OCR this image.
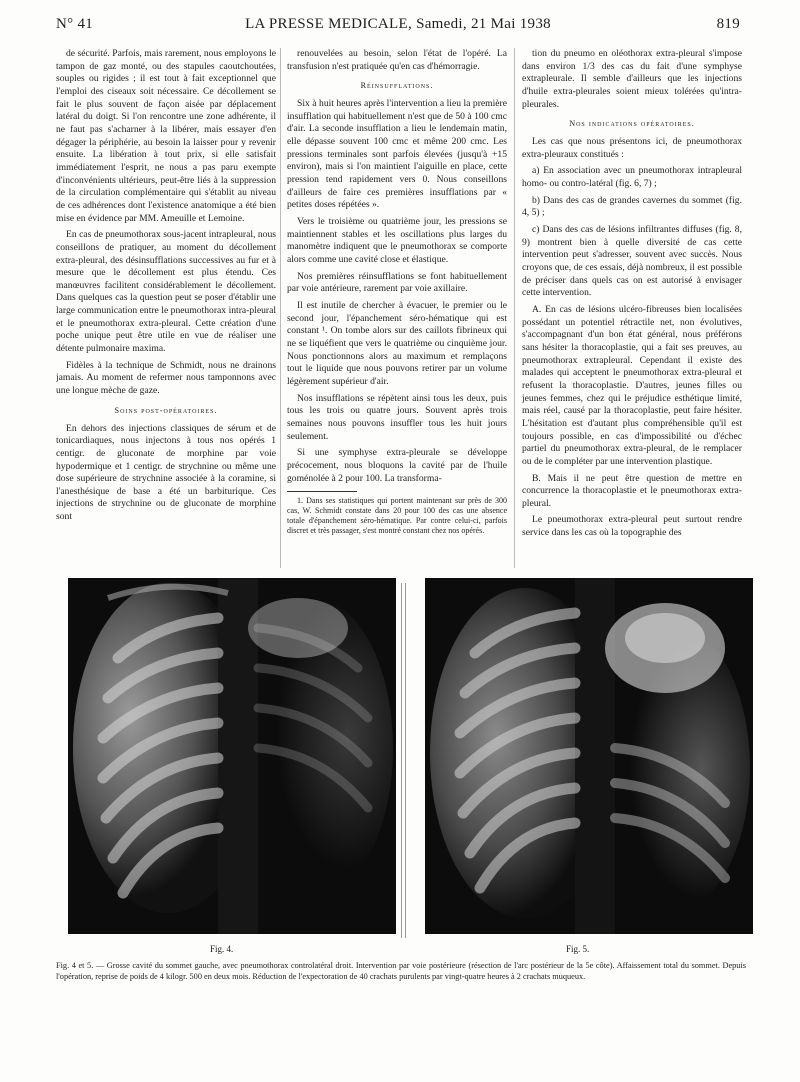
N° 41	LA PRESSE MEDICALE, Samedi, 21 Mai 1938	819

de sécurité. Parfois, mais rarement, nous employons le tampon de gaz monté, ou des stapules caoutchoutées, souples ou rigides ; il est tout à fait exceptionnel que l'emploi des ciseaux soit nécessaire. Ce décollement se fait le plus souvent de façon aisée par déplacement latéral du doigt. Si l'on rencontre une zone adhérente, il ne faut pas s'acharner à la libérer, mais essayer d'en dégager la périphérie, au besoin la laisser pour y revenir ensuite. La libération à tout prix, si elle satisfait immédiatement l'esprit, ne nous a pas paru exempte d'inconvénients ultérieurs, peut-être liés à la suppression de la circulation complémentaire qui s'établit au niveau de ces adhérences dont l'existence anatomique a été bien mise en évidence par MM. Ameuille et Lemoine.

En cas de pneumothorax sous-jacent intrapleural, nous conseillons de pratiquer, au moment du décollement extra-pleural, des désinsufflations successives au fur et à mesure que le décollement est plus étendu. Ces manœuvres facilitent considérablement le décollement. Dans quelques cas la question peut se poser d'établir une large communication entre le pneumothorax intra-pleural et le pneumothorax extra-pleural. Cette création d'une poche unique peut être utile en vue de réaliser une détente pulmonaire maxima.

Fidèles à la technique de Schmidt, nous ne drainons jamais. Au moment de refermer nous tamponnons avec une longue mèche de gaze.

Soins post-opératoires.

En dehors des injections classiques de sérum et de tonicardiaques, nous injectons à tous nos opérés 1 centigr. de gluconate de morphine par voie hypodermique et 1 centigr. de strychnine ou même une dose supérieure de strychnine associée à la coramine, si l'anesthésique de base a été un barbiturique. Ces injections de strychnine ou de gluconate de morphine sont

renouvelées au besoin, selon l'état de l'opéré. La transfusion n'est pratiquée qu'en cas d'hémorragie.

Réinsufflations.

Six à huit heures après l'intervention a lieu la première insufflation qui habituellement n'est que de 50 à 100 cmc d'air. La seconde insufflation a lieu le lendemain matin, elle dépasse souvent 100 cmc et même 200 cmc. Les pressions terminales sont parfois élevées (jusqu'à +15 environ), mais si l'on maintient l'aiguille en place, cette pression tend rapidement vers 0. Nous conseillons d'ailleurs de faire ces premières insufflations par « petites doses répétées ».

Vers le troisième ou quatrième jour, les pressions se maintiennent stables et les oscillations plus larges du manomètre indiquent que le pneumothorax se comporte alors comme une cavité close et élastique.

Nos premières réinsufflations se font habituellement par voie antérieure, rarement par voie axillaire.

Il est inutile de chercher à évacuer, le premier ou le second jour, l'épanchement séro-hématique qui est constant ¹. On tombe alors sur des caillots fibrineux qui ne se liquéfient que vers le quatrième ou cinquième jour. Nous ponctionnons alors au maximum et remplaçons tout le liquide que nous pouvons retirer par un volume légèrement supérieur d'air.

Nos insufflations se répètent ainsi tous les deux, puis tous les trois ou quatre jours. Souvent après trois semaines nous pouvons insuffler tous les huit jours seulement.

Si une symphyse extra-pleurale se développe précocement, nous bloquons la cavité par de l'huile goménolée à 2 pour 100. La transforma-

1. Dans ses statistiques qui portent maintenant sur près de 300 cas, W. Schmidt constate dans 20 pour 100 des cas une absence totale d'épanchement séro-hématique. Par contre celui-ci, parfois discret et très passager, s'est montré constant chez nos opérés.

tion du pneumo en oléothorax extra-pleural s'impose dans environ 1/3 des cas du fait d'une symphyse extrapleurale. Il semble d'ailleurs que les injections d'huile extra-pleurales soient mieux tolérées qu'intra-pleurales.

Nos indications opératoires.

Les cas que nous présentons ici, de pneumothorax extra-pleuraux constitués :

a) En association avec un pneumothorax intrapleural homo- ou contro-latéral (fig. 6, 7) ;

b) Dans des cas de grandes cavernes du sommet (fig. 4, 5) ;

c) Dans des cas de lésions infiltrantes diffuses (fig. 8, 9) montrent bien à quelle diversité de cas cette intervention peut s'adresser, souvent avec succès. Nous croyons que, de ces essais, déjà nombreux, il est possible de préciser dans quels cas on est autorisé à envisager cette intervention.

A. En cas de lésions ulcéro-fibreuses bien localisées possédant un potentiel rétractile net, non évolutives, s'accompagnant d'un bon état général, nous préférons sans hésiter la thoracoplastie, qui a fait ses preuves, au pneumothorax extrapleural. Cependant il existe des malades qui acceptent le pneumothorax extra-pleural et refusent la thoracoplastie. D'autres, jeunes filles ou jeunes femmes, chez qui le préjudice esthétique limité, mais réel, causé par la thoracoplastie, peut faire hésiter. L'hésitation est d'autant plus compréhensible qu'il est toujours possible, en cas d'impossibilité ou d'échec partiel du pneumothorax extra-pleural, de le remplacer ou de le compléter par une intervention plastique.

B. Mais il ne peut être question de mettre en concurrence la thoracoplastie et le pneumothorax extra-pleural.

Le pneumothorax extra-pleural peut surtout rendre service dans les cas où la topographie des

Fig. 4.	Fig. 5.
Fig. 4 et 5. — Grosse cavité du sommet gauche, avec pneumothorax controlatéral droit. Intervention par voie postérieure (résection de l'arc postérieur de la 5e côte). Affaissement total du sommet. Depuis l'opération, reprise de poids de 4 kilogr. 500 en deux mois. Réduction de l'expectoration de 40 crachats purulents par vingt-quatre heures à 2 crachats muqueux.
